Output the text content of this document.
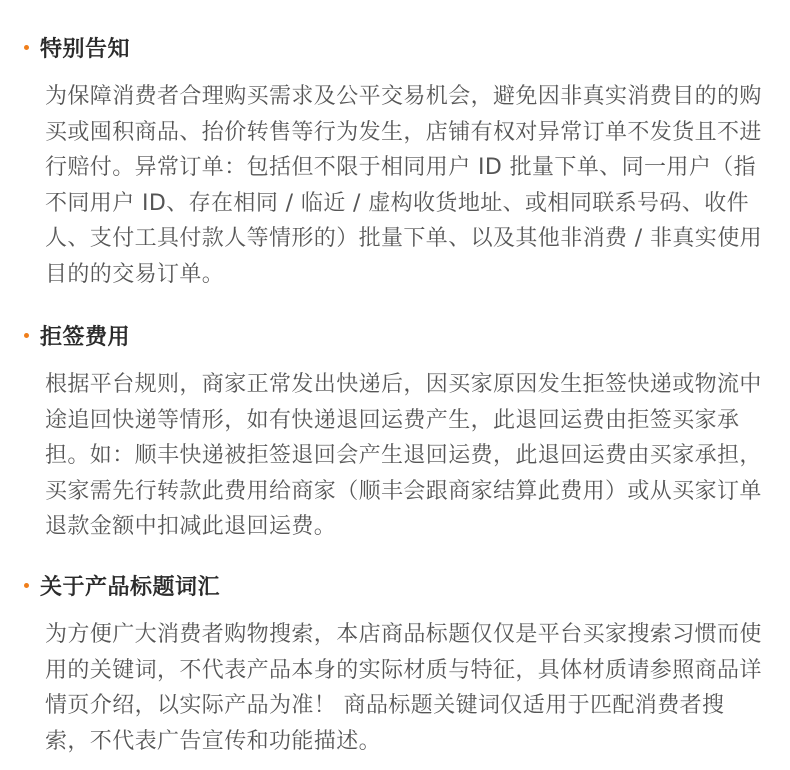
特别告知

为保障消费者合理购买需求及公平交易机会，避免因非真实消费目的的购买或囤积商品、抬价转售等行为发生，店铺有权对异常订单不发货且不进行赔付。异常订单：包括但不限于相同用户 ID 批量下单、同一用户（指不同用户 ID、存在相同 / 临近 / 虚构收货地址、或相同联系号码、收件人、支付工具付款人等情形的）批量下单、以及其他非消费 / 非真实使用目的的交易订单。

拒签费用

根据平台规则，商家正常发出快递后，因买家原因发生拒签快递或物流中途追回快递等情形，如有快递退回运费产生，此退回运费由拒签买家承担。如：顺丰快递被拒签退回会产生退回运费，此退回运费由买家承担，买家需先行转款此费用给商家（顺丰会跟商家结算此费用）或从买家订单退款金额中扣减此退回运费。

关于产品标题词汇

为方便广大消费者购物搜索，本店商品标题仅仅是平台买家搜索习惯而使用的关键词，不代表产品本身的实际材质与特征，具体材质请参照商品详情页介绍，以实际产品为准！ 商品标题关键词仅适用于匹配消费者搜索，不代表广告宣传和功能描述。
